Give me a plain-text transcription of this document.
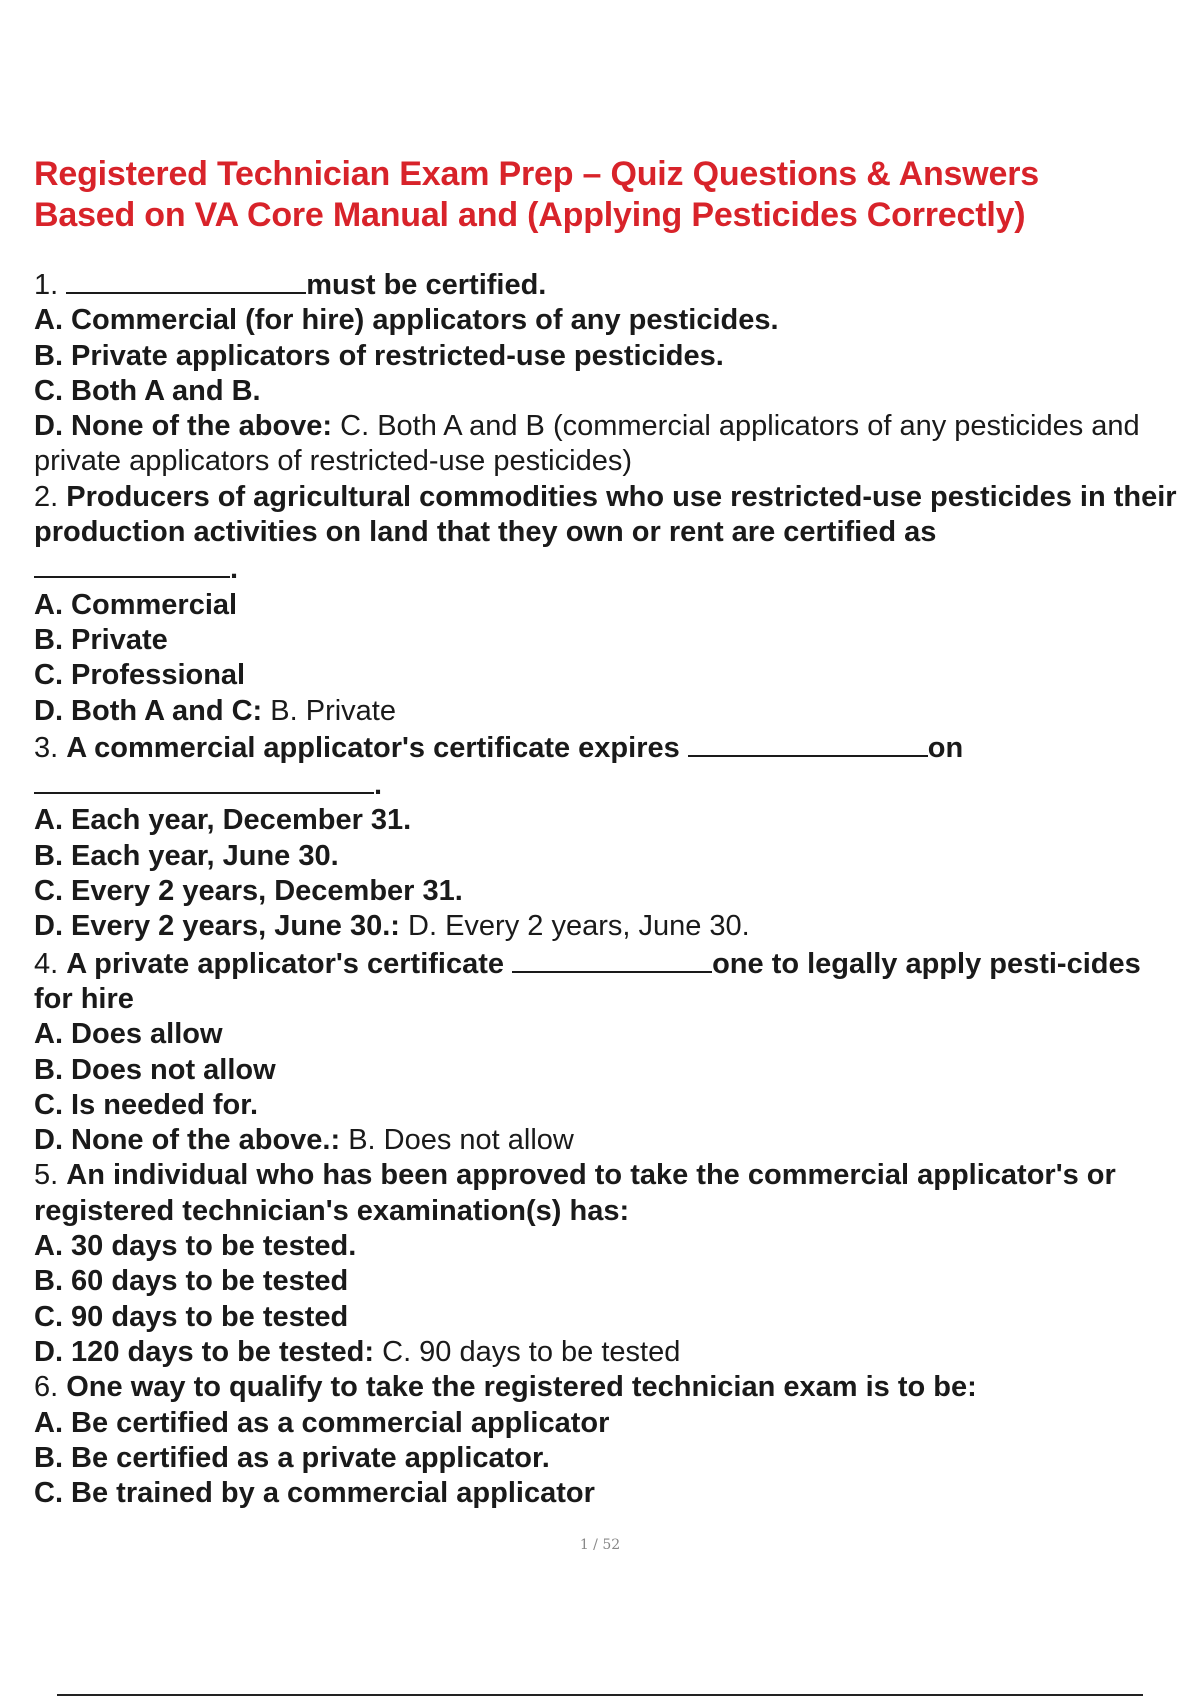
Registered Technician Exam Prep – Quiz Questions & Answers
Based on VA Core Manual and (Applying Pesticides Correctly)
1.	must be certified.
A. Commercial (for hire) applicators of any pesticides.
B. Private applicators of restricted-use pesticides.
C. Both A and B.
D. None of the above: C. Both A and B (commercial applicators of any pesticides and private applicators of restricted-use pesticides)
2. Producers of agricultural commodities who use restricted-use pesticides in their production activities on land that they own or rent are certified as
.
A. Commercial
B. Private
C. Professional
D. Both A and C: B. Private
3. A commercial applicator's certificate expires	on
.
A. Each year, December 31.
B. Each year, June 30.
C. Every 2 years, December 31.
D. Every 2 years, June 30.: D. Every 2 years, June 30.
4. A private applicator's certificate	one to legally apply pesti-cides for hire
A. Does allow
B. Does not allow
C. Is needed for.
D. None of the above.: B. Does not allow
5. An individual who has been approved to take the commercial applicator's or registered technician's examination(s) has:
A. 30 days to be tested.
B. 60 days to be tested
C. 90 days to be tested
D. 120 days to be tested: C. 90 days to be tested
6. One way to qualify to take the registered technician exam is to be:
A. Be certified as a commercial applicator
B. Be certified as a private applicator.
C. Be trained by a commercial applicator
1 / 52
